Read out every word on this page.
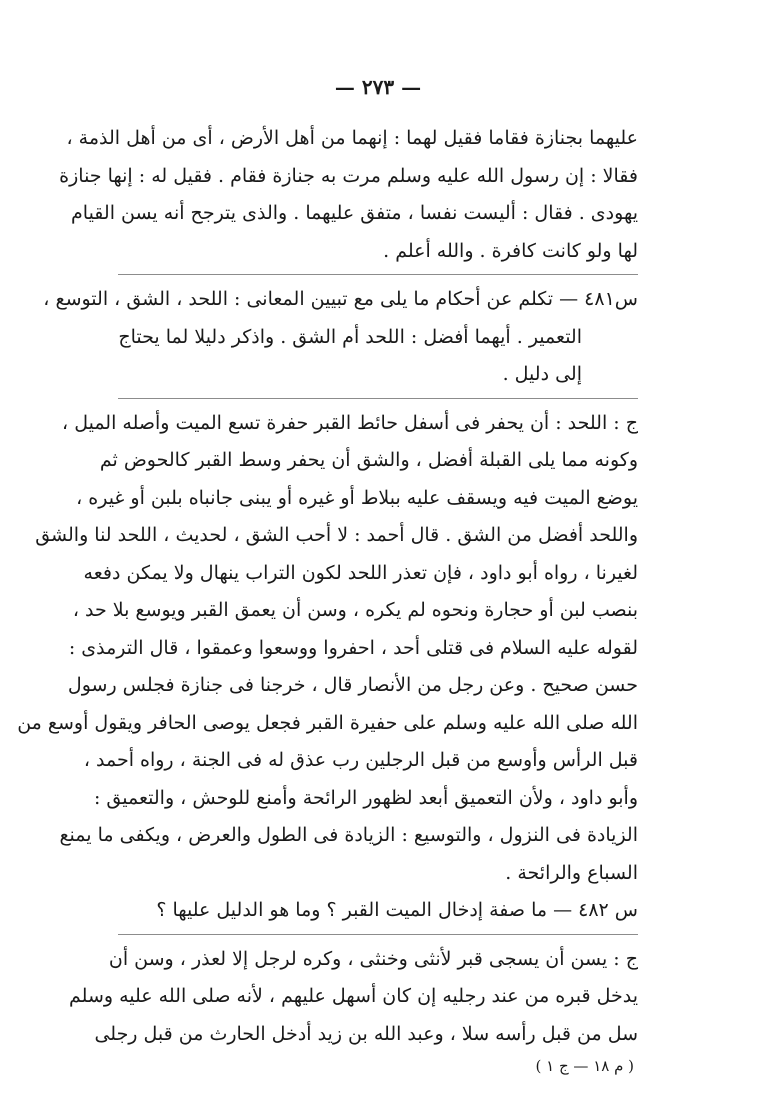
— ٢٧٣ —
عليهما بجنازة فقاما فقيل لهما : إنهما من أهل الأرض ، أى من أهل الذمة ،
فقالا : إن رسول الله عليه وسلم مرت به جنازة فقام . فقيل له : إنها جنازة
يهودى . فقال : أليست نفسا ، متفق عليهما . والذى يترجح أنه يسن القيام
لها ولو كانت كافرة . والله أعلم .
س٤٨١ — تكلم عن أحكام ما يلى مع تبيين المعانى : اللحد ، الشق ، التوسع ،
التعمير . أيهما أفضل : اللحد أم الشق . واذكر دليلا لما يحتاج
إلى دليل .
ج : اللحد : أن يحفر فى أسفل حائط القبر حفرة تسع الميت وأصله الميل ،
وكونه مما يلى القبلة أفضل ، والشق أن يحفر وسط القبر كالحوض ثم
يوضع الميت فيه ويسقف عليه ببلاط أو غيره أو يبنى جانباه بلبن أو غيره ،
واللحد أفضل من الشق . قال أحمد : لا أحب الشق ، لحديث ، اللحد لنا والشق
لغيرنا ، رواه أبو داود ، فإن تعذر اللحد لكون التراب ينهال ولا يمكن دفعه
بنصب لبن أو حجارة ونحوه لم يكره ، وسن أن يعمق القبر ويوسع بلا حد ،
لقوله عليه السلام فى قتلى أحد ، احفروا ووسعوا وعمقوا ، قال الترمذى :
حسن صحيح . وعن رجل من الأنصار قال ، خرجنا فى جنازة فجلس رسول
الله صلى الله عليه وسلم على حفيرة القبر فجعل يوصى الحافر ويقول أوسع من
قبل الرأس وأوسع من قبل الرجلين رب عذق له فى الجنة ، رواه أحمد ،
وأبو داود ، ولأن التعميق أبعد لظهور الرائحة وأمنع للوحش ، والتعميق :
الزيادة فى النزول ، والتوسيع : الزيادة فى الطول والعرض ، ويكفى ما يمنع
السباع والرائحة .
س ٤٨٢ — ما صفة إدخال الميت القبر ؟ وما هو الدليل عليها ؟
ج : يسن أن يسجى قبر لأنثى وخنثى ، وكره لرجل إلا لعذر ، وسن أن
يدخل قبره من عند رجليه إن كان أسهل عليهم ، لأنه صلى الله عليه وسلم
سل من قبل رأسه سلا ، وعبد الله بن زيد أدخل الحارث من قبل رجلى
( م ١٨ — ج ١ )
